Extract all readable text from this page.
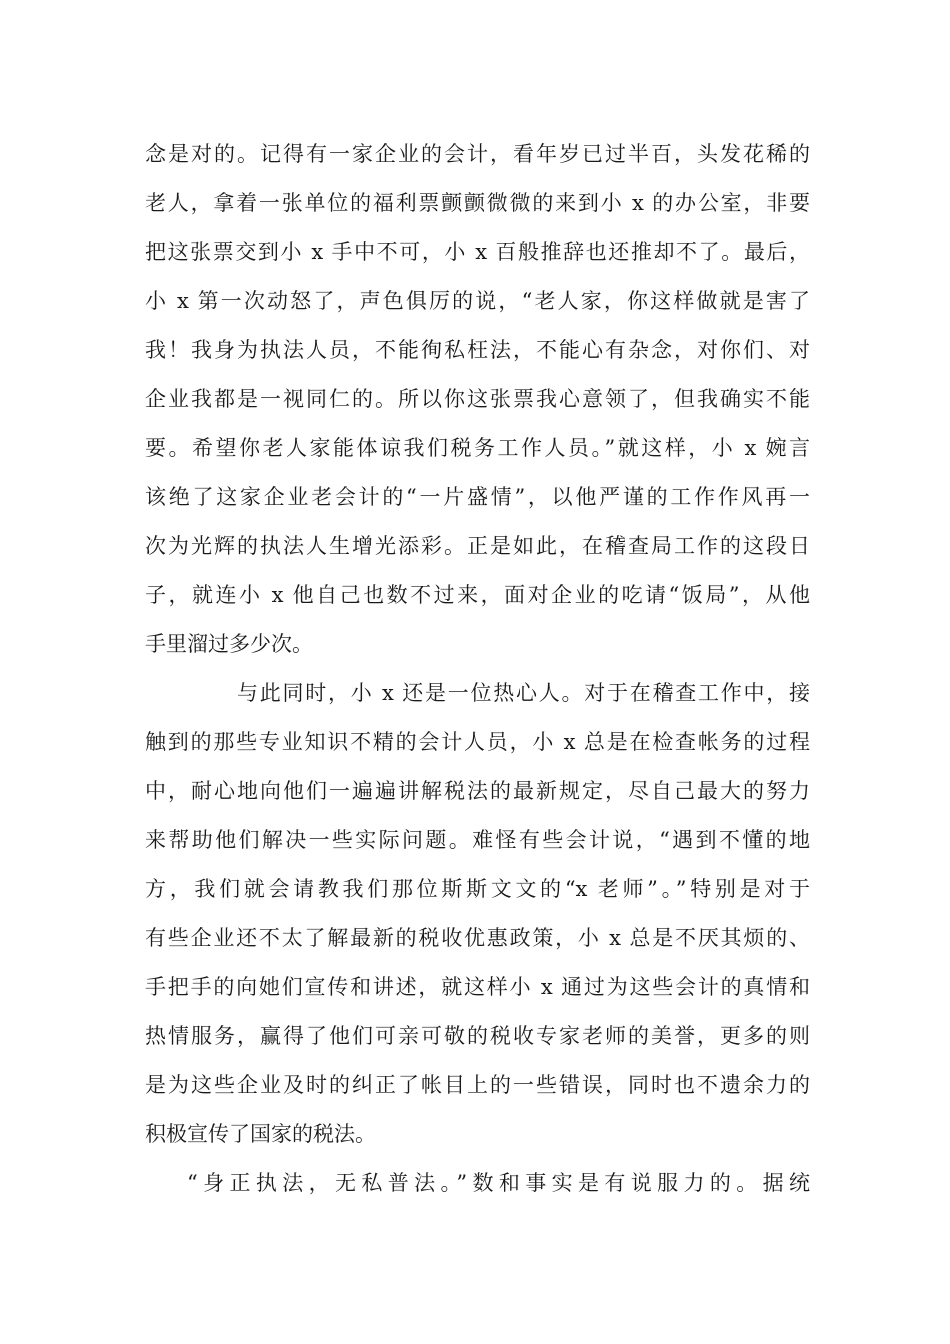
念是对的。记得有一家企业的会计，看年岁已过半百，头发花稀的
老人，拿着一张单位的福利票颤颤微微的来到小 x 的办公室，非要
把这张票交到小 x 手中不可，小 x 百般推辞也还推却不了。最后，
小 x 第一次动怒了，声色俱厉的说，“老人家，你这样做就是害了
我！我身为执法人员，不能徇私枉法，不能心有杂念，对你们、对
企业我都是一视同仁的。所以你这张票我心意领了，但我确实不能
要。希望你老人家能体谅我们税务工作人员。”就这样，小 x 婉言
该绝了这家企业老会计的“一片盛情”，以他严谨的工作作风再一
次为光辉的执法人生增光添彩。正是如此，在稽查局工作的这段日
子，就连小 x 他自己也数不过来，面对企业的吃请“饭局”，从他
手里溜过多少次。
与此同时，小 x 还是一位热心人。对于在稽查工作中，接
触到的那些专业知识不精的会计人员，小 x 总是在检查帐务的过程
中，耐心地向他们一遍遍讲解税法的最新规定，尽自己最大的努力
来帮助他们解决一些实际问题。难怪有些会计说，“遇到不懂的地
方，我们就会请教我们那位斯斯文文的“x 老师”。”特别是对于
有些企业还不太了解最新的税收优惠政策，小 x 总是不厌其烦的、
手把手的向她们宣传和讲述，就这样小 x 通过为这些会计的真情和
热情服务，赢得了他们可亲可敬的税收专家老师的美誉，更多的则
是为这些企业及时的纠正了帐目上的一些错误，同时也不遗余力的
积极宣传了国家的税法。
“身正执法，无私普法。”数和事实是有说服力的。据统
